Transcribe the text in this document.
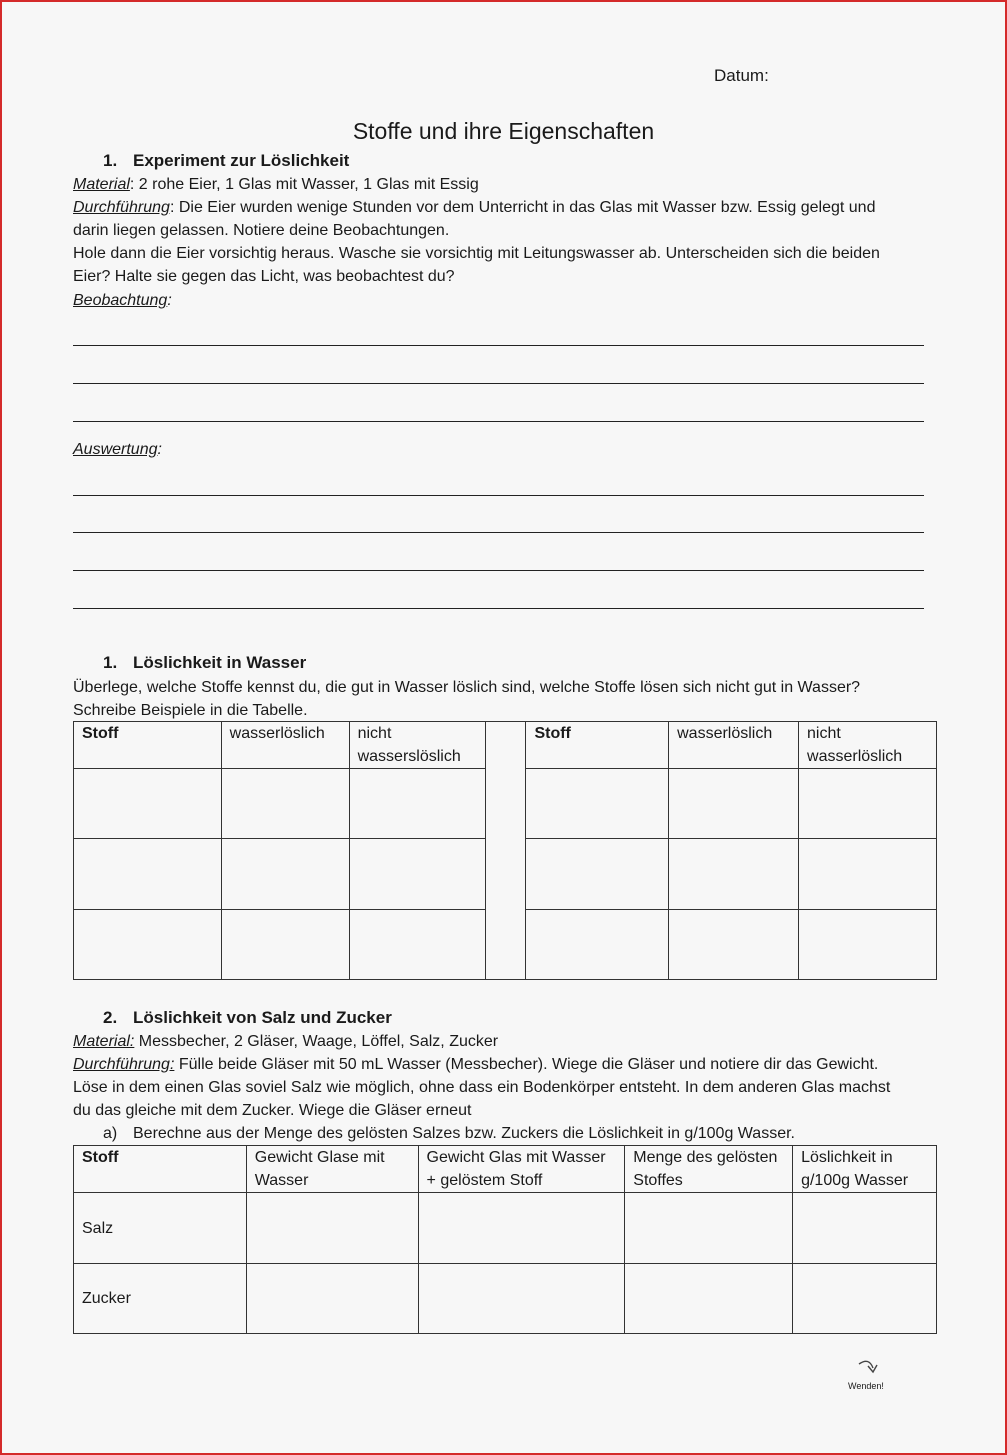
Datum:
Stoffe und ihre Eigenschaften
1. Experiment zur Löslichkeit
Material: 2 rohe Eier, 1 Glas mit Wasser, 1 Glas mit Essig
Durchführung: Die Eier wurden wenige Stunden vor dem Unterricht in das Glas mit Wasser bzw. Essig gelegt und
darin liegen gelassen. Notiere deine Beobachtungen.
Hole dann die Eier vorsichtig heraus. Wasche sie vorsichtig mit Leitungswasser ab. Unterscheiden sich die beiden
Eier? Halte sie gegen das Licht, was beobachtest du?
Beobachtung:
Auswertung:
1. Löslichkeit in Wasser
Überlege, welche Stoffe kennst du, die gut in Wasser löslich sind, welche Stoffe lösen sich nicht gut in Wasser?
Schreibe Beispiele in die Tabelle.
Stoff	wasserlöslich	nicht wasserslöslich		Stoff	wasserlöslich	nicht wasserlöslich

2. Löslichkeit von Salz und Zucker
Material: Messbecher, 2 Gläser, Waage, Löffel, Salz, Zucker
Durchführung: Fülle beide Gläser mit 50 mL Wasser (Messbecher). Wiege die Gläser und notiere dir das Gewicht.
Löse in dem einen Glas soviel Salz wie möglich, ohne dass ein Bodenkörper entsteht. In dem anderen Glas machst
du das gleiche mit dem Zucker. Wiege die Gläser erneut
a) Berechne aus der Menge des gelösten Salzes bzw. Zuckers die Löslichkeit in g/100g Wasser.
Stoff	Gewicht Glase mit Wasser	Gewicht Glas mit Wasser + gelöstem Stoff	Menge des gelösten Stoffes	Löslichkeit in g/100g Wasser
Salz				
Zucker				
Wenden!
